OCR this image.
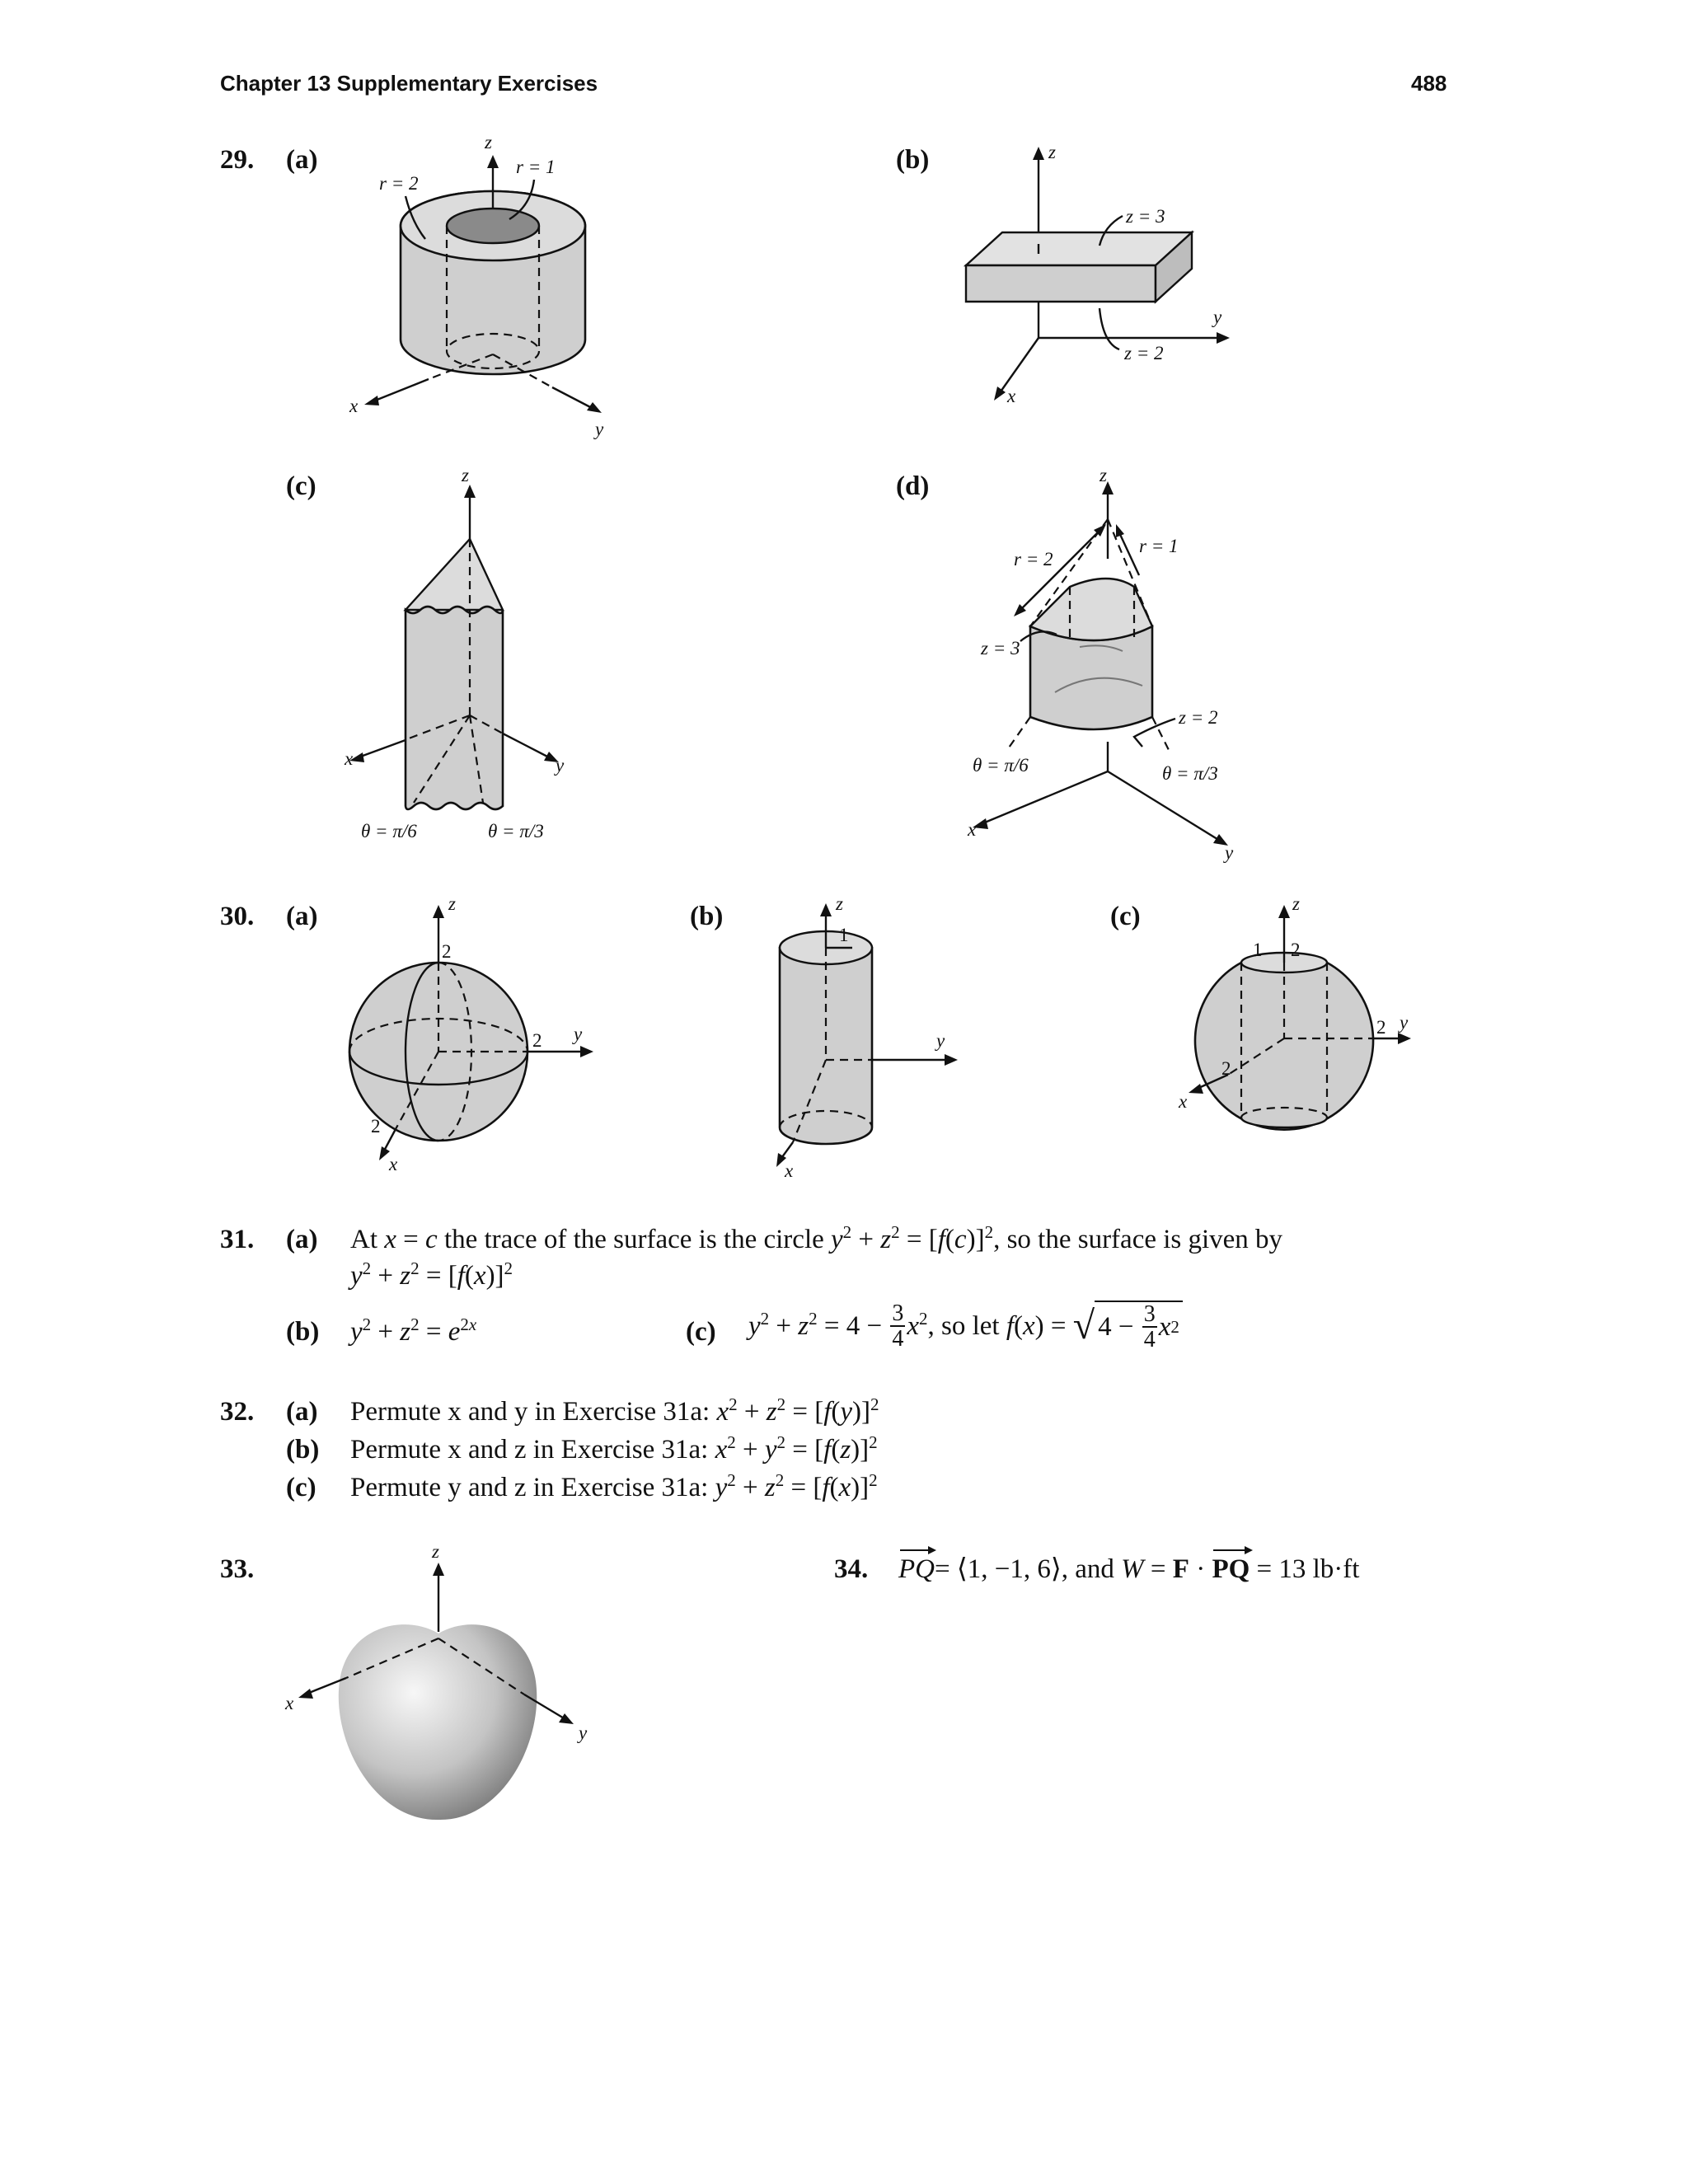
Chapter 13 Supplementary Exercises	488
29. (a)
z
x
y
r = 2
r = 1	(b)	z
y
x
z = 3
z = 2
(c)	z
x	y
θ = π/6	θ = π/3
(d)	z
x
y
r = 2
r = 1
z = 3
z = 2
θ = π/6	θ = π/3
30. (a)	z
y
x
2
2
2
(b)	z
y
x
1
(c)	z
y
x
1 2
2
2
31. (a) At x = c the trace of the surface is the circle $y^2 + z^2 = [f(c)]^2$, so the surface is given by
$y^2 + z^2 = [f(x)]^2$
(b) $y^2 + z^2 = e^{2x}$	(c) $y^2 + z^2 = 4 - \frac{3}{4} x^2$ , so let f(x) = √ $4 - \frac{3}{4}$ x 2
32. (a) Permute x and y in Exercise 31a: $x^2 + z^2 = [f(y)]^2$
(b) Permute x and z in Exercise 31a: $x^2 + y^2 = [f(z)]^2$
(c) Permute y and z in Exercise 31a: $y^2 + z^2 = [f(x)]^2$
33.
z
x
y
34. PQ
= ⟨1, −1, 6⟩, and W = F · PQ = 13 lb·ft
